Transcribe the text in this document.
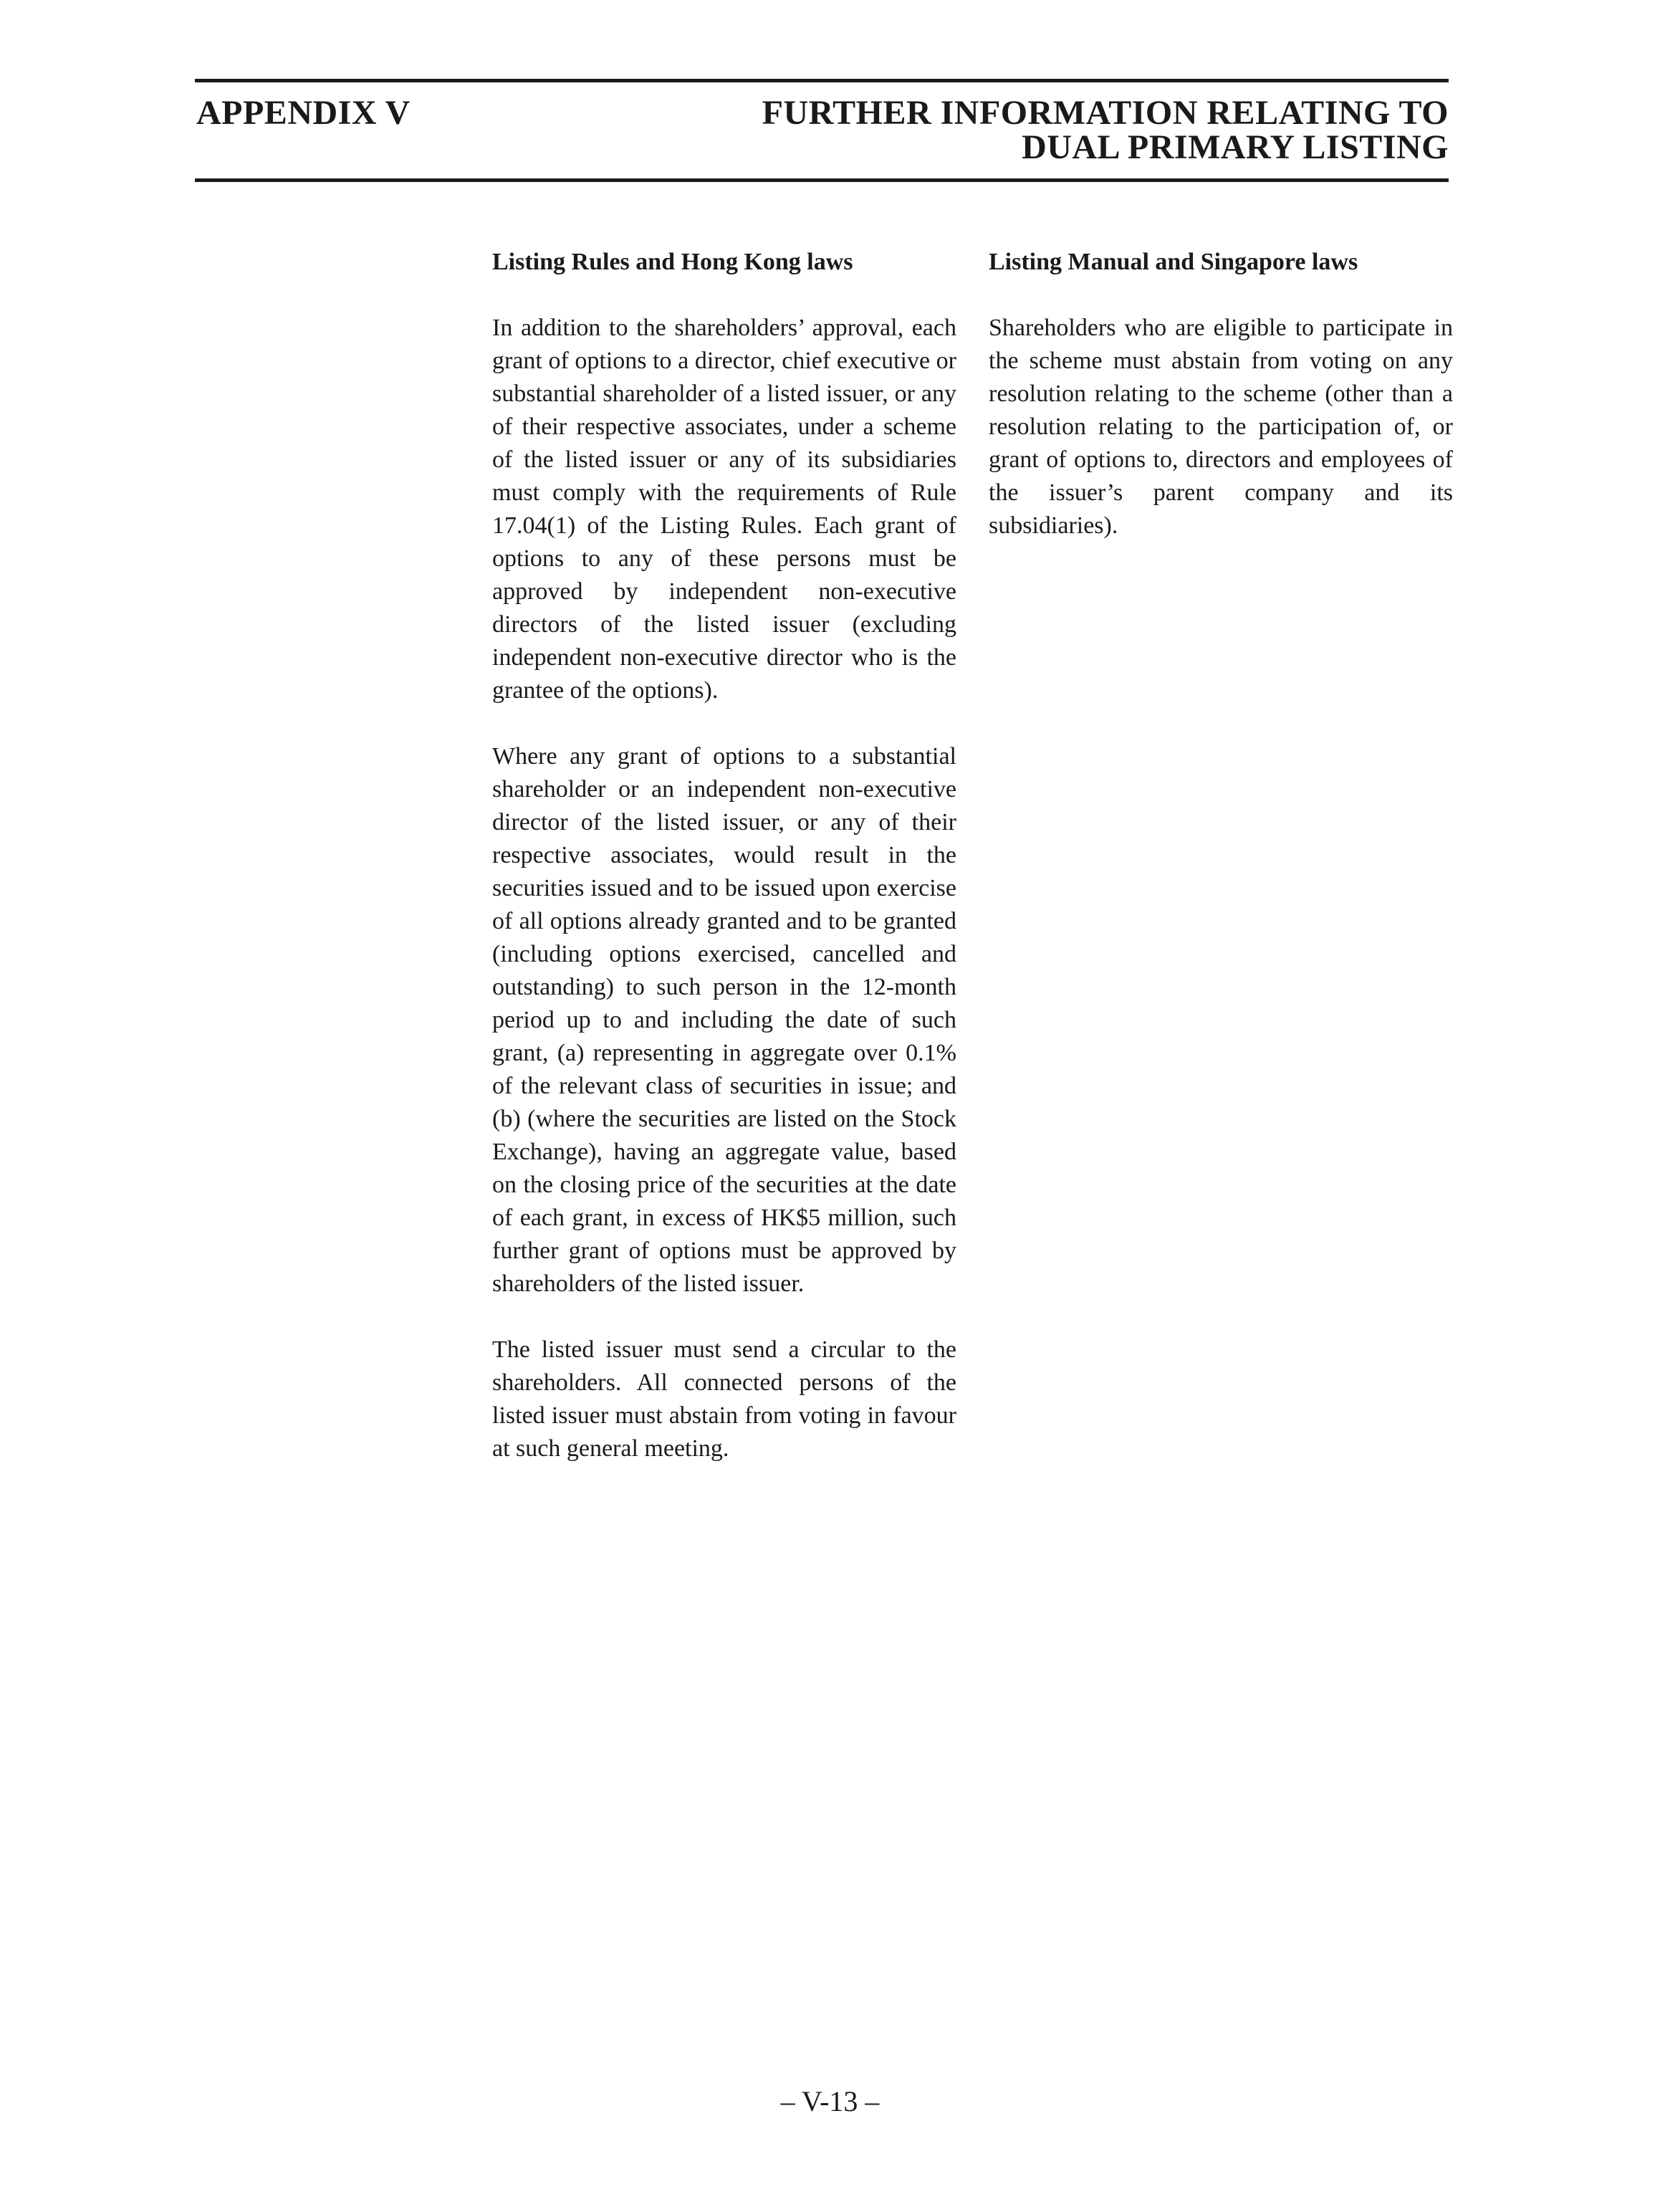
APPENDIX V	FURTHER INFORMATION RELATING TO
DUAL PRIMARY LISTING
Listing Rules and Hong Kong laws

In addition to the shareholders’ approval, each grant of options to a director, chief executive or substantial shareholder of a listed issuer, or any of their respective associates, under a scheme of the listed issuer or any of its subsidiaries must comply with the requirements of Rule 17.04(1) of the Listing Rules. Each grant of options to any of these persons must be approved by independent non-executive directors of the listed issuer (excluding independent non-executive director who is the grantee of the options).

Where any grant of options to a substantial shareholder or an independent non-executive director of the listed issuer, or any of their respective associates, would result in the securities issued and to be issued upon exercise of all options already granted and to be granted (including options exercised, cancelled and outstanding) to such person in the 12-month period up to and including the date of such grant, (a) representing in aggregate over 0.1% of the relevant class of securities in issue; and (b) (where the securities are listed on the Stock Exchange), having an aggregate value, based on the closing price of the securities at the date of each grant, in excess of HK$5 million, such further grant of options must be approved by shareholders of the listed issuer.

The listed issuer must send a circular to the shareholders. All connected persons of the listed issuer must abstain from voting in favour at such general meeting.

Listing Manual and Singapore laws

Shareholders who are eligible to participate in the scheme must abstain from voting on any resolution relating to the scheme (other than a resolution relating to the participation of, or grant of options to, directors and employees of the issuer’s parent company and its subsidiaries).

– V-13 –
